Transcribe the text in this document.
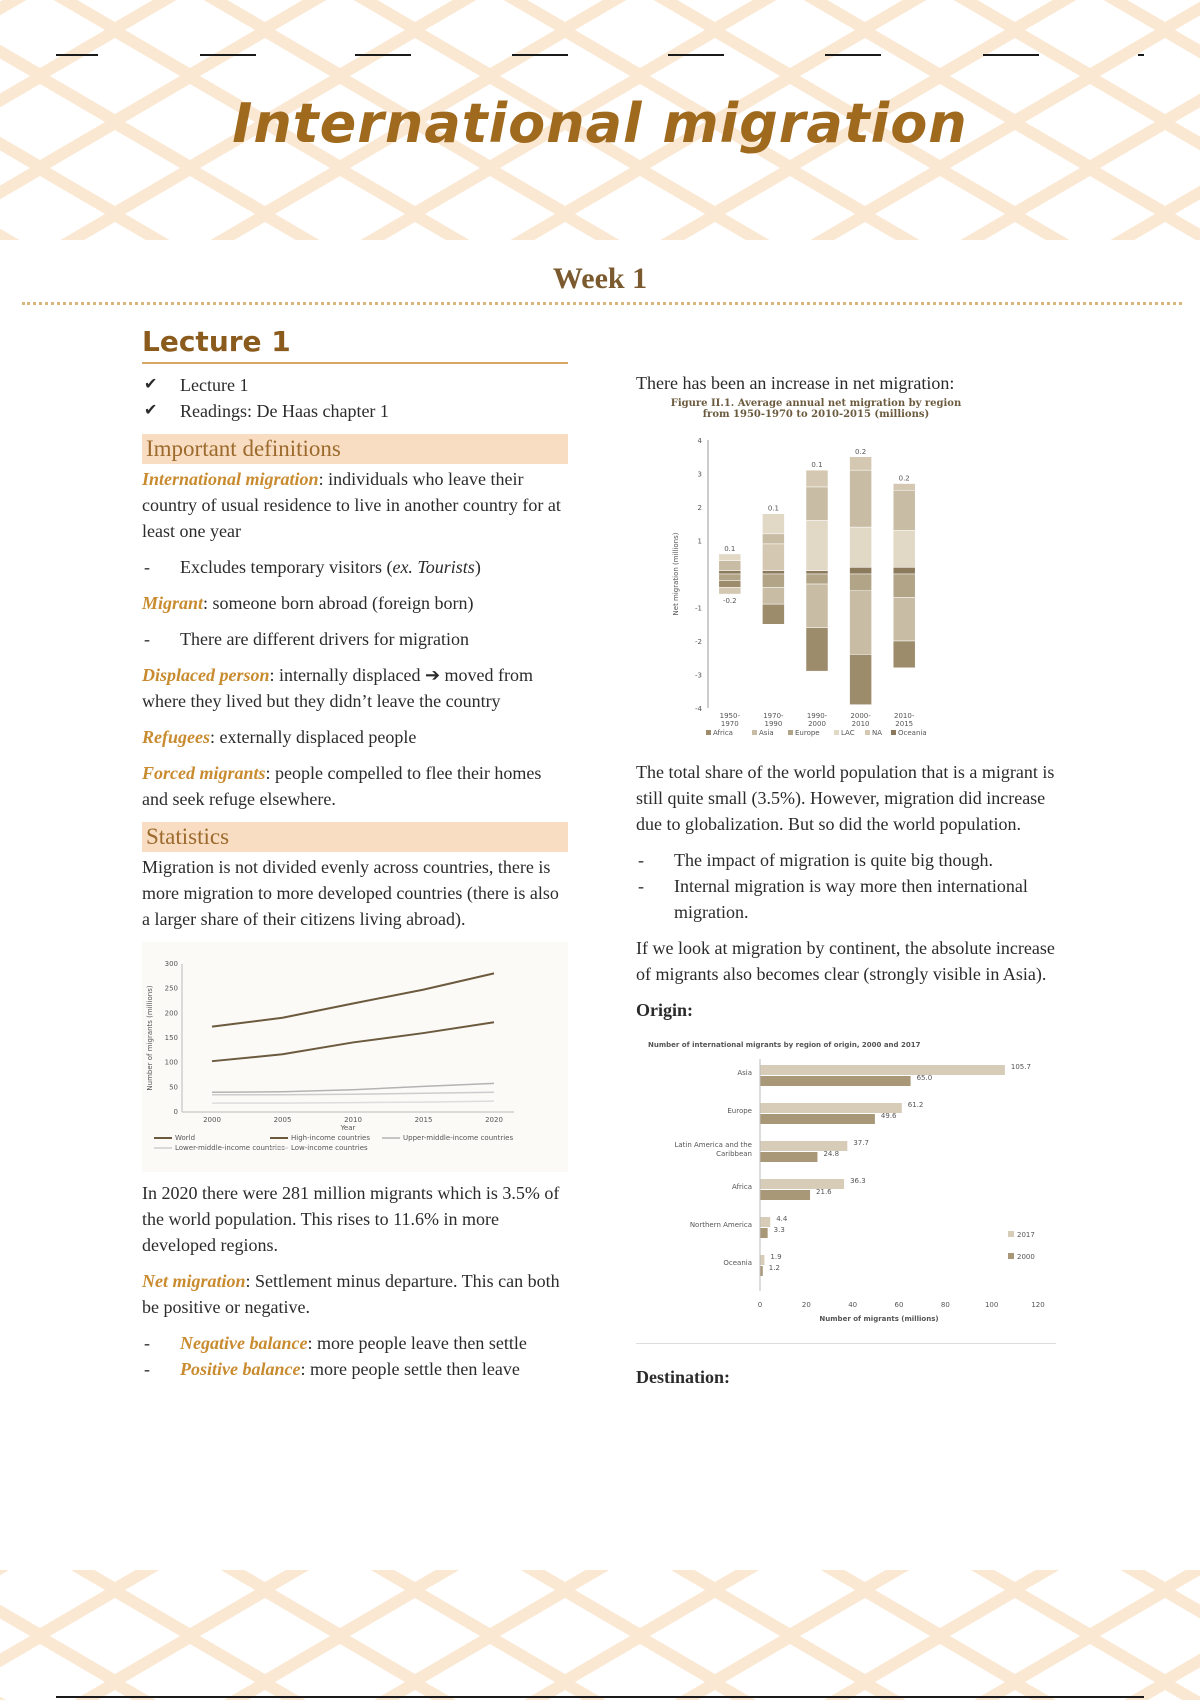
International migration
Week 1
Lecture 1
✔ Lecture 1
✔ Readings: De Haas chapter 1
Important definitions

International migration: individuals who leave their country of usual residence to live in another country for at least one year

- Excludes temporary visitors (ex. Tourists)

Migrant: someone born abroad (foreign born)

- There are different drivers for migration

Displaced person: internally displaced ➔ moved from where they lived but they didn’t leave the country

Refugees: externally displaced people

Forced migrants: people compelled to flee their homes and seek refuge elsewhere.

Statistics

Migration is not divided evenly across countries, there is more migration to more developed countries (there is also a larger share of their citizens living abroad).

300
250
200
150
100
50
0
2000	2005	2010	2015	2020
Year
Number of migrants (millions)
World	High-income countries	Upper-middle-income countries
Lower-middle-income countries Low-income countries

In 2020 there were 281 million migrants which is 3.5% of the world population. This rises to 11.6% in more developed regions.

Net migration: Settlement minus departure. This can both be positive or negative.

- Negative balance: more people leave then settle
- Positive balance: more people settle then leave

There has been an increase in net migration:

Figure II.1. Average annual net migration by region
from 1950-1970 to 2010-2015 (millions)
4
3
2
1
-1
-2
-3
-4
Net migration (millions)	0.1
-0.2
0.1
0.1
0.2
0.2
1950-
1970
1970-
1990
1990-
2000
2000-
2010
2010-
2015
Africa	Asia	Europe	LAC NA Oceania

The total share of the world population that is a migrant is still quite small (3.5%). However, migration did increase due to globalization. But so did the world population.

- The impact of migration is quite big though.
- Internal migration is way more then international migration.

If we look at migration by continent, the absolute increase of migrants also becomes clear (strongly visible in Asia).

Origin:

Number of international migrants by region of origin, 2000 and 2017
Asia
105.7
65.0
Europe
61.2
49.6
Latin America and the
Caribbean
37.7
24.8
Africa
36.3
21.6
Northern America
4.4
3.3
Oceania
1.9
1.2
0	20	40	60	80	100	120
Number of migrants (millions)
2017
2000

Destination:
